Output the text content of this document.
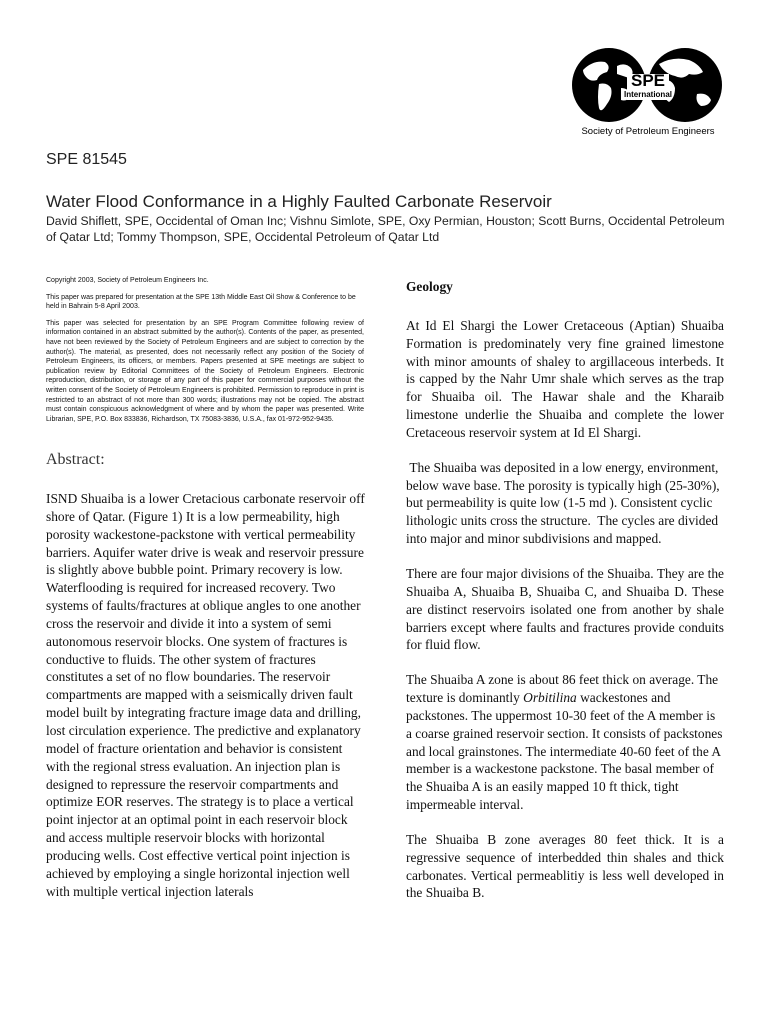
SPE
International
Society of Petroleum Engineers
SPE 81545
Water Flood Conformance in a Highly Faulted Carbonate Reservoir
David Shiflett, SPE, Occidental of Oman Inc; Vishnu Simlote, SPE, Oxy Permian, Houston; Scott Burns, Occidental Petroleum of Qatar Ltd; Tommy Thompson, SPE, Occidental Petroleum of Qatar Ltd

Copyright 2003, Society of Petroleum Engineers Inc.

This paper was prepared for presentation at the SPE 13th Middle East Oil Show & Conference to be held in Bahrain 5-8 April 2003.

This paper was selected for presentation by an SPE Program Committee following review of information contained in an abstract submitted by the author(s). Contents of the paper, as presented, have not been reviewed by the Society of Petroleum Engineers and are subject to correction by the author(s). The material, as presented, does not necessarily reflect any position of the Society of Petroleum Engineers, its officers, or members. Papers presented at SPE meetings are subject to publication review by Editorial Committees of the Society of Petroleum Engineers. Electronic reproduction, distribution, or storage of any part of this paper for commercial purposes without the written consent of the Society of Petroleum Engineers is prohibited. Permission to reproduce in print is restricted to an abstract of not more than 300 words; illustrations may not be copied. The abstract must contain conspicuous acknowledgment of where and by whom the paper was presented. Write Librarian, SPE, P.O. Box 833836, Richardson, TX 75083-3836, U.S.A., fax 01-972-952-9435.

Abstract:
ISND Shuaiba is a lower Cretacious carbonate reservoir off shore of Qatar. (Figure 1) It is a low permeability, high porosity wackestone-packstone with vertical permeability barriers. Aquifer water drive is weak and reservoir pressure is slightly above bubble point. Primary recovery is low. Waterflooding is required for increased recovery. Two systems of faults/fractures at oblique angles to one another cross the reservoir and divide it into a system of semi autonomous reservoir blocks. One system of fractures is conductive to fluids. The other system of fractures constitutes a set of no flow boundaries. The reservoir compartments are mapped with a seismically driven fault model built by integrating fracture image data and drilling, lost circulation experience. The predictive and explanatory model of fracture orientation and behavior is consistent with the regional stress evaluation. An injection plan is designed to repressure the reservoir compartments and optimize EOR reserves. The strategy is to place a vertical point injector at an optimal point in each reservoir block and access multiple reservoir blocks with horizontal producing wells. Cost effective vertical point injection is achieved by employing a single horizontal injection well with multiple vertical injection laterals

Geology

At Id El Shargi the Lower Cretaceous (Aptian) Shuaiba Formation is predominately very fine grained limestone with minor amounts of shaley to argillaceous interbeds. It is capped by the Nahr Umr shale which serves as the trap for Shuaiba oil. The Hawar shale and the Kharaib limestone underlie the Shuaiba and complete the lower Cretaceous reservoir system at Id El Shargi.

The Shuaiba was deposited in a low energy, environment, below wave base. The porosity is typically high (25-30%), but permeability is quite low (1-5 md ). Consistent cyclic lithologic units cross the structure.  The cycles are divided into major and minor subdivisions and mapped.

There are four major divisions of the Shuaiba. They are the Shuaiba A, Shuaiba B, Shuaiba C, and Shuaiba D. These are distinct reservoirs isolated one from another by shale barriers except where faults and fractures provide conduits for fluid flow.

The Shuaiba A zone is about 86 feet thick on average. The texture is dominantly Orbitilina wackestones and packstones. The uppermost 10-30 feet of the A member is a coarse grained reservoir section. It consists of packstones and local grainstones. The intermediate 40-60 feet of the A member is a wackestone packstone. The basal member of the Shuaiba A is an easily mapped 10 ft thick, tight impermeable interval.

The Shuaiba B zone averages 80 feet thick. It is a regressive sequence of interbedded thin shales and thick carbonates. Vertical permeablitiy is less well developed in the Shuaiba B.
